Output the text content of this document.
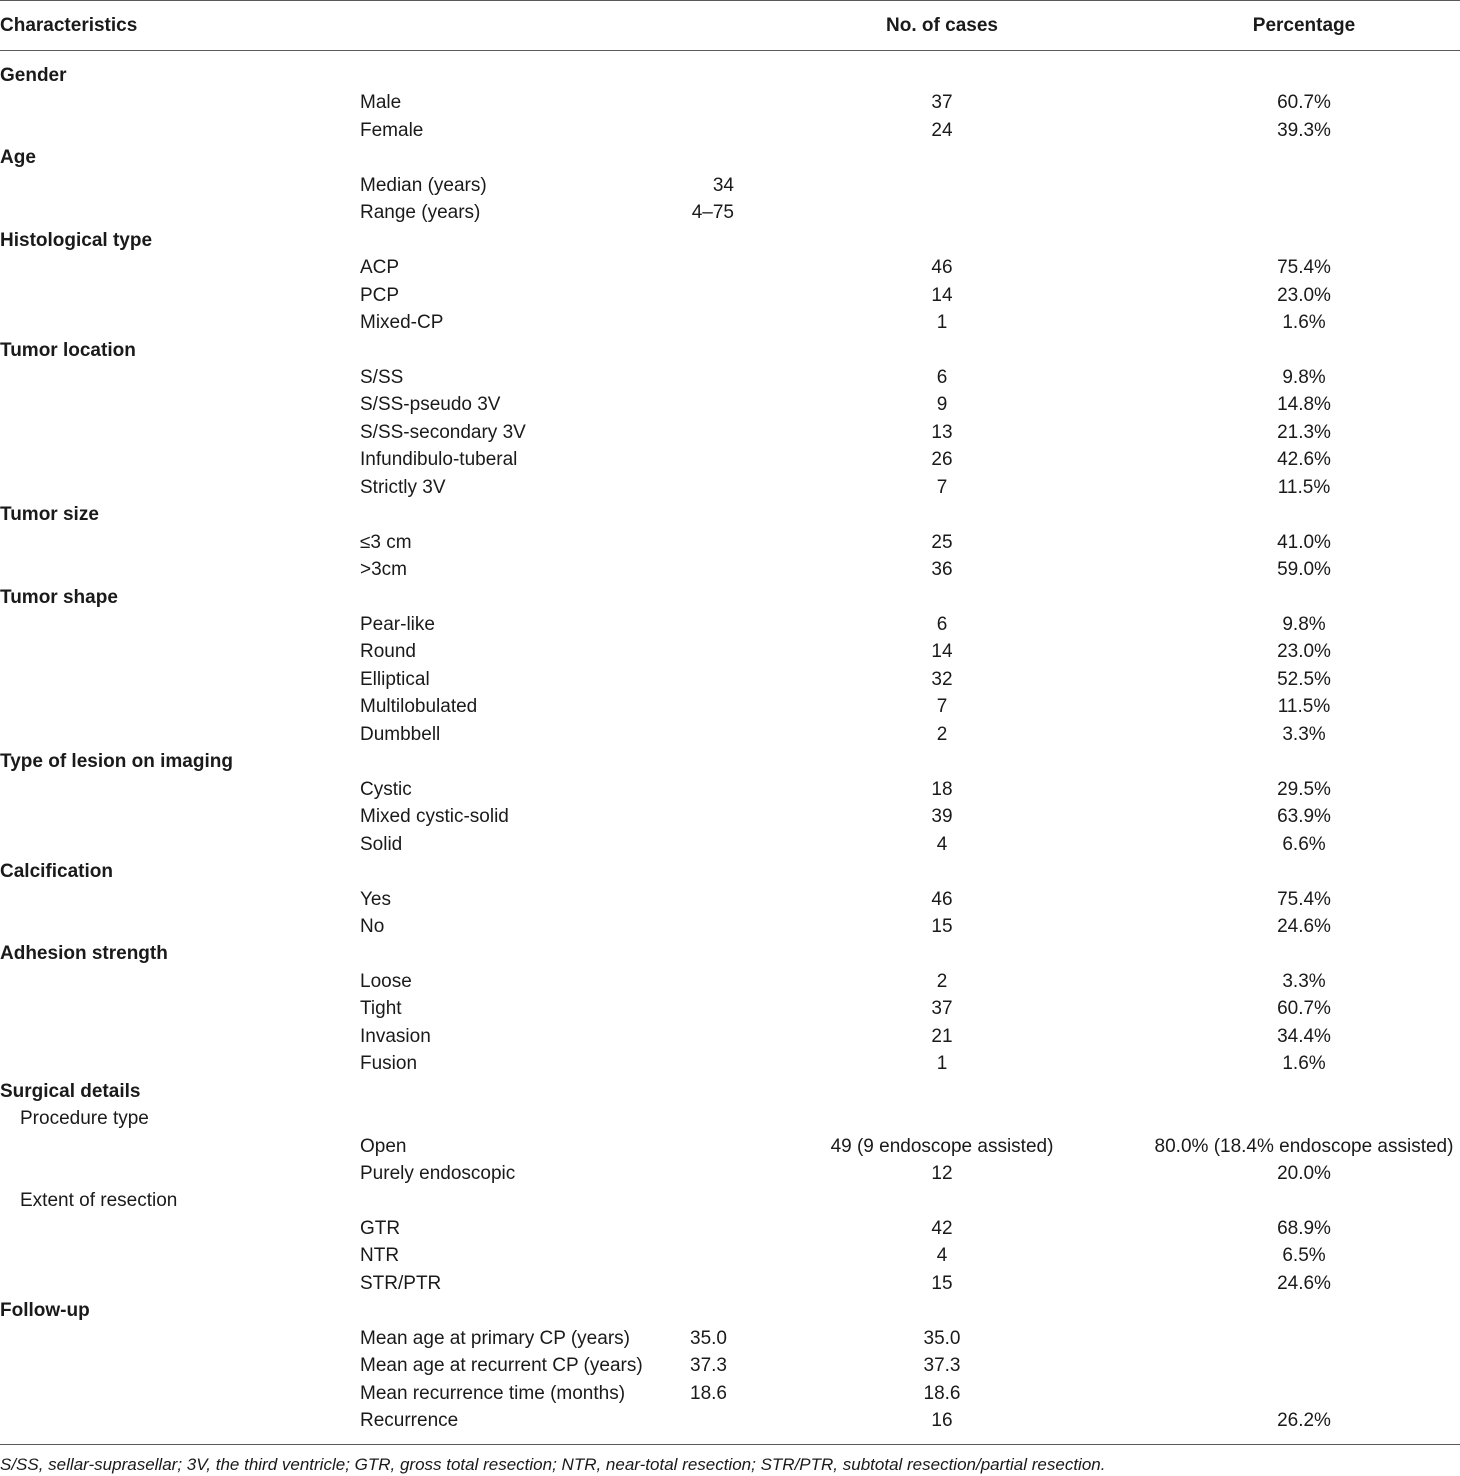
Characteristics	No. of cases	Percentage
Gender
Male	37	60.7%
Female	24	39.3%
Age
Median (years)	34
Range (years)	4–75
Histological type
ACP	46	75.4%
PCP	14	23.0%
Mixed-CP	1	1.6%
Tumor location
S/SS	6	9.8%
S/SS-pseudo 3V	9	14.8%
S/SS-secondary 3V	13	21.3%
Infundibulo-tuberal	26	42.6%
Strictly 3V	7	11.5%
Tumor size
≤3 cm	25	41.0%
>3cm	36	59.0%
Tumor shape
Pear-like	6	9.8%
Round	14	23.0%
Elliptical	32	52.5%
Multilobulated	7	11.5%
Dumbbell	2	3.3%
Type of lesion on imaging
Cystic	18	29.5%
Mixed cystic-solid	39	63.9%
Solid	4	6.6%
Calcification
Yes	46	75.4%
No	15	24.6%
Adhesion strength
Loose	2	3.3%
Tight	37	60.7%
Invasion	21	34.4%
Fusion	1	1.6%
Surgical details
Procedure type
Open	49 (9 endoscope assisted)	80.0% (18.4% endoscope assisted)
Purely endoscopic	12	20.0%
Extent of resection
GTR	42	68.9%
NTR	4	6.5%
STR/PTR	15	24.6%
Follow-up
Mean age at primary CP (years)	35.0	35.0
Mean age at recurrent CP (years) 37.3	37.3
Mean recurrence time (months)	18.6	18.6
Recurrence	16	26.2%
S/SS, sellar-suprasellar; 3V, the third ventricle; GTR, gross total resection; NTR, near-total resection; STR/PTR, subtotal resection/partial resection.
